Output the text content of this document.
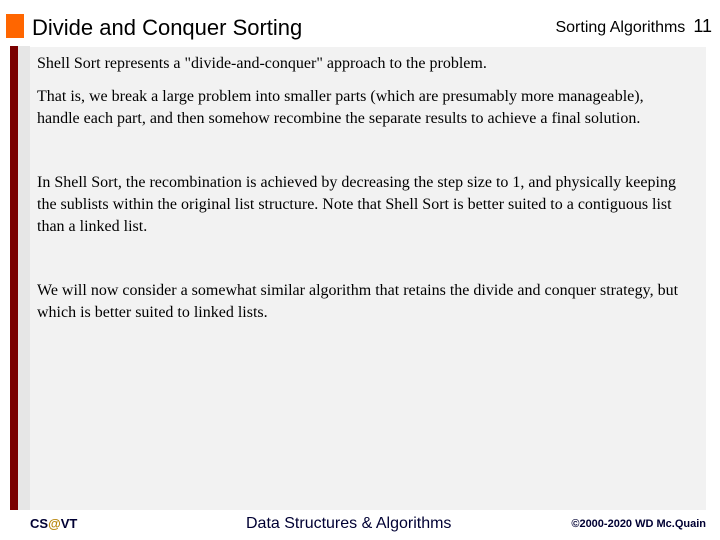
Divide and Conquer Sorting	Sorting Algorithms 11

Shell Sort represents a "divide-and-conquer" approach to the problem.

That is, we break a large problem into smaller parts (which are presumably more manageable), handle each part, and then somehow recombine the separate results to achieve a final solution.

In Shell Sort, the recombination is achieved by decreasing the step size to 1, and physically keeping the sublists within the original list structure. Note that Shell Sort is better suited to a contiguous list than a linked list.

We will now consider a somewhat similar algorithm that retains the divide and conquer strategy, but which is better suited to linked lists.

CS@VT	Data Structures & Algorithms	©2000-2020 WD Mc.Quain
